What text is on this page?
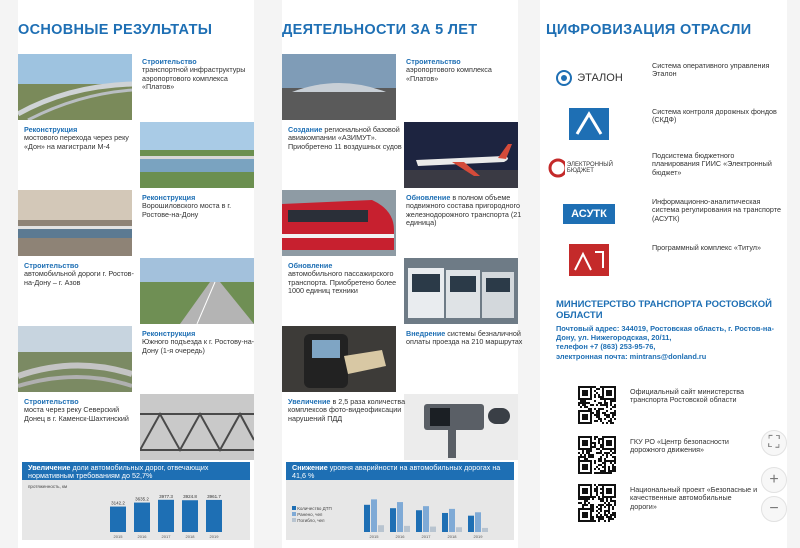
ОСНОВНЫЕ РЕЗУЛЬТАТЫ
Строительство
транспортной инфраструктуры аэропортового комплекса «Платов»
Реконструкция
мостового перехода через реку «Дон» на магистрали М-4
Реконструкция
Ворошиловского моста в г. Ростове-на-Дону
Строительство
автомобильной дороги г. Ростов-на-Дону – г. Азов
Реконструкция
Южного подъезда к г. Ростову-на-Дону (1-я очередь)
Строительство
моста через реку Северский Донец в г. Каменск-Шахтинский
Увеличение доли автомобильных дорог, отвечающих нормативным требованиям до 52,7%
протяженность, км
3142.2
2015
3635.2
2016
3977.3
2017
3924.8
2018
3961.7
2019
ДЕЯТЕЛЬНОСТИ ЗА 5 ЛЕТ
Строительство
аэропортового комплекса «Платов»
Создание региональной базовой авиакомпании «АЗИМУТ». Приобретено 11 воздушных судов
Обновление в полном объеме подвижного состава пригородного железнодорожного транспорта (21 единица)
Обновление
автомобильного пассажирского транспорта. Приобретено более 1000 единиц техники
Внедрение системы безналичной оплаты проезда на 210 маршрутах
Увеличение в 2,5 раза количества комплексов фото-видеофиксации нарушений ПДД
Снижение уровня аварийности на автомобильных дорогах на 41,6 %
Количество ДТП
Ранено, чел
Погибло, чел
2015	2016	2017	2018	2019
ЦИФРОВИЗАЦИЯ ОТРАСЛИ
ЭТАЛОН
Система оперативного управления Эталон
Система контроля дорожных фондов (СКДФ)
ЭЛЕКТРОННЫЙ БЮДЖЕТ
Подсистема бюджетного планирования ГИИС «Электронный бюджет»
АСУТК
Информационно-аналитическая система регулирования на транспорте (АСУТК)
Программный комплекс «Титул»
МИНИСТЕРСТВО ТРАНСПОРТА РОСТОВСКОЙ ОБЛАСТИ
Почтовый адрес: 344019, Ростовская область, г. Ростов-на-Дону, ул. Нижегородская, 20/11,
телефон +7 (863) 253-95-76,
электронная почта: mintrans@donland.ru
Официальный сайт министерства транспорта Ростовской области
ГКУ РО «Центр безопасности дорожного движения»
Национальный проект «Безопасные и качественные автомобильные дороги»
⛶
+
−
